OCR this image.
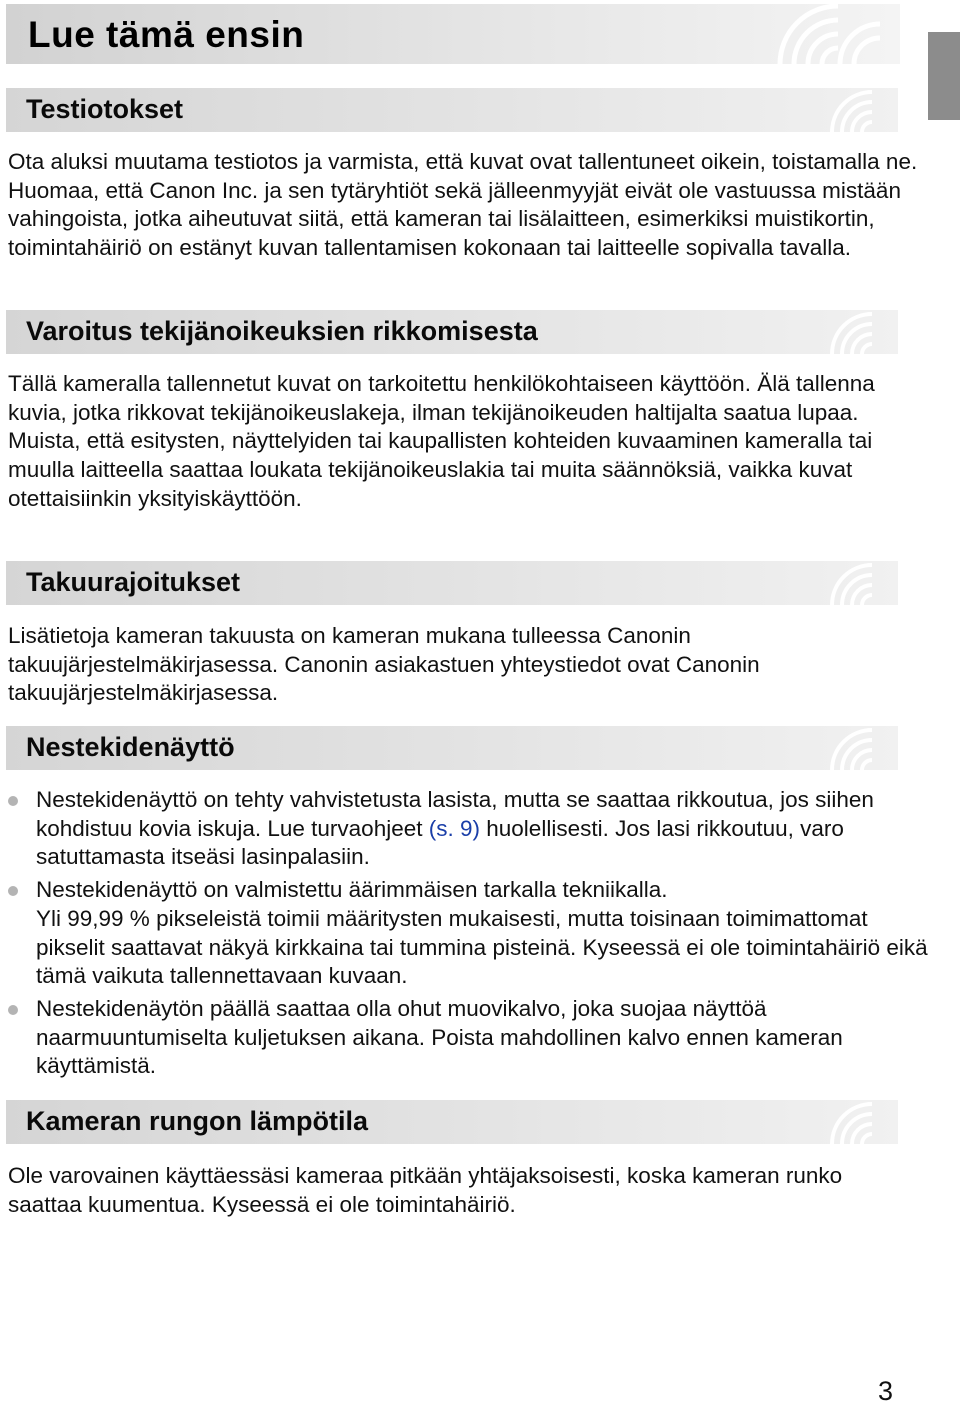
Lue tämä ensin
Testiotokset

Ota aluksi muutama testiotos ja varmista, että kuvat ovat tallentuneet oikein, toistamalla ne. Huomaa, että Canon Inc. ja sen tytäryhtiöt sekä jälleenmyyjät eivät ole vastuussa mistään vahingoista, jotka aiheutuvat siitä, että kameran tai lisälaitteen, esimerkiksi muistikortin, toimintahäiriö on estänyt kuvan tallentamisen kokonaan tai laitteelle sopivalla tavalla.

Varoitus tekijänoikeuksien rikkomisesta

Tällä kameralla tallennetut kuvat on tarkoitettu henkilökohtaiseen käyttöön. Älä tallenna kuvia, jotka rikkovat tekijänoikeuslakeja, ilman tekijänoikeuden haltijalta saatua lupaa. Muista, että esitysten, näyttelyiden tai kaupallisten kohteiden kuvaaminen kameralla tai muulla laitteella saattaa loukata tekijänoikeuslakia tai muita säännöksiä, vaikka kuvat otettaisiinkin yksityiskäyttöön.

Takuurajoitukset

Lisätietoja kameran takuusta on kameran mukana tulleessa Canonin takuujärjestelmäkirjasessa. Canonin asiakastuen yhteystiedot ovat Canonin takuujärjestelmäkirjasessa.

Nestekidenäyttö
Nestekidenäyttö on tehty vahvistetusta lasista, mutta se saattaa rikkoutua, jos siihen kohdistuu kovia iskuja. Lue turvaohjeet (s. 9) huolellisesti. Jos lasi rikkoutuu, varo satuttamasta itseäsi lasinpalasiin.
Nestekidenäyttö on valmistettu äärimmäisen tarkalla tekniikalla.
Yli 99,99 % pikseleistä toimii määritysten mukaisesti, mutta toisinaan toimimattomat pikselit saattavat näkyä kirkkaina tai tummina pisteinä. Kyseessä ei ole toimintahäiriö eikä tämä vaikuta tallennettavaan kuvaan.
Nestekidenäytön päällä saattaa olla ohut muovikalvo, joka suojaa näyttöä naarmuuntumiselta kuljetuksen aikana. Poista mahdollinen kalvo ennen kameran käyttämistä.
Kameran rungon lämpötila

Ole varovainen käyttäessäsi kameraa pitkään yhtäjaksoisesti, koska kameran runko saattaa kuumentua. Kyseessä ei ole toimintahäiriö.

3
